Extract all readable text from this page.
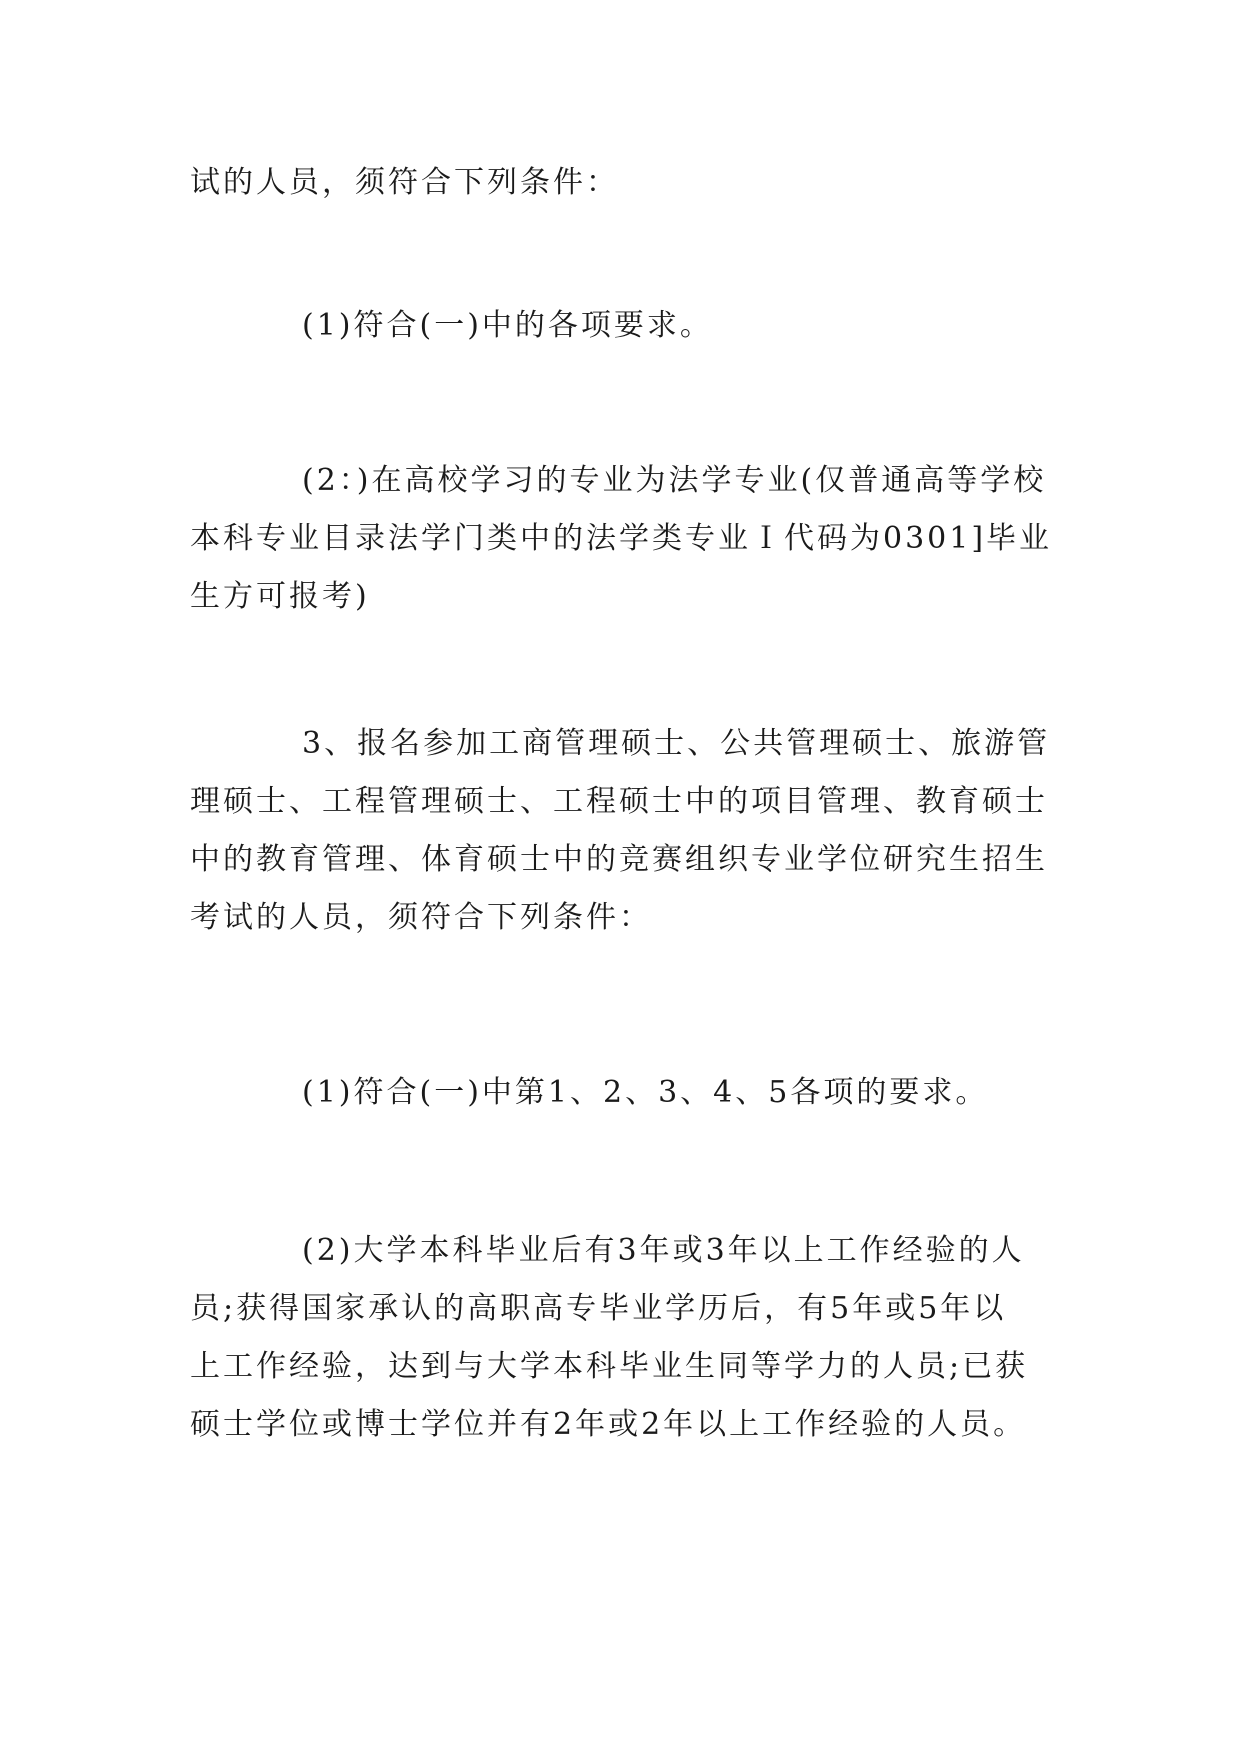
试的人员，须符合下列条件：

(1)符合(一)中的各项要求。

(2：)在高校学习的专业为法学专业(仅普通高等学校
本科专业目录法学门类中的法学类专业Ｉ代码为0301]毕业
生方可报考)

3、报名参加工商管理硕士、公共管理硕士、旅游管
理硕士、工程管理硕士、工程硕士中的项目管理、教育硕士
中的教育管理、体育硕士中的竞赛组织专业学位研究生招生
考试的人员，须符合下列条件：

(1)符合(一)中第1、2、3、4、5各项的要求。

(2)大学本科毕业后有3年或3年以上工作经验的人
员;获得国家承认的高职高专毕业学历后，有5年或5年以
上工作经验，达到与大学本科毕业生同等学力的人员;已获
硕士学位或博士学位并有2年或2年以上工作经验的人员。
